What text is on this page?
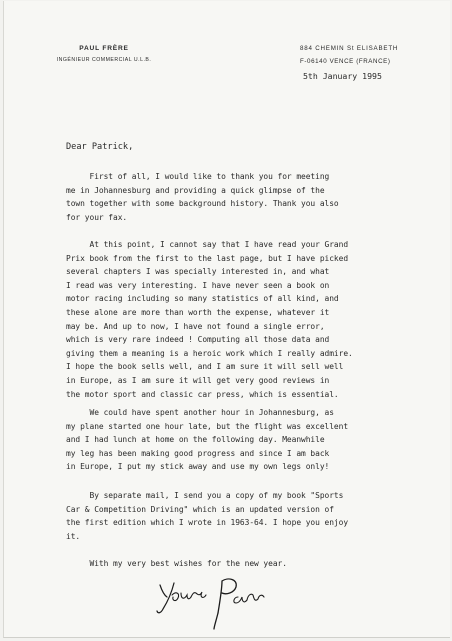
PAUL FRÈRE
INGÉNIEUR COMMERCIAL U.L.B.
884 CHEMIN St ELISABETH
F-06140 VENCE (FRANCE)
5th January 1995
Dear Patrick,
First of all, I would like to thank you for meeting
me in Johannesburg and providing a quick glimpse of the
town together with some background history. Thank you also
for your fax.
At this point, I cannot say that I have read your Grand
Prix book from the first to the last page, but I have picked
several chapters I was specially interested in, and what
I read was very interesting. I have never seen a book on
motor racing including so many statistics of all kind, and
these alone are more than worth the expense, whatever it
may be. And up to now, I have not found a single error,
which is very rare indeed ! Computing all those data and
giving them a meaning is a heroic work which I really admire.
I hope the book sells well, and I am sure it will sell well
in Europe, as I am sure it will get very good reviews in
the motor sport and classic car press, which is essential.
We could have spent another hour in Johannesburg, as
my plane started one hour late, but the flight was excellent
and I had lunch at home on the following day. Meanwhile
my leg has been making good progress and since I am back
in Europe, I put my stick away and use my own legs only!
By separate mail, I send you a copy of my book "Sports
Car & Competition Driving" which is an updated version of
the first edition which I wrote in 1963-64. I hope you enjoy
it.
With my very best wishes for the new year.
